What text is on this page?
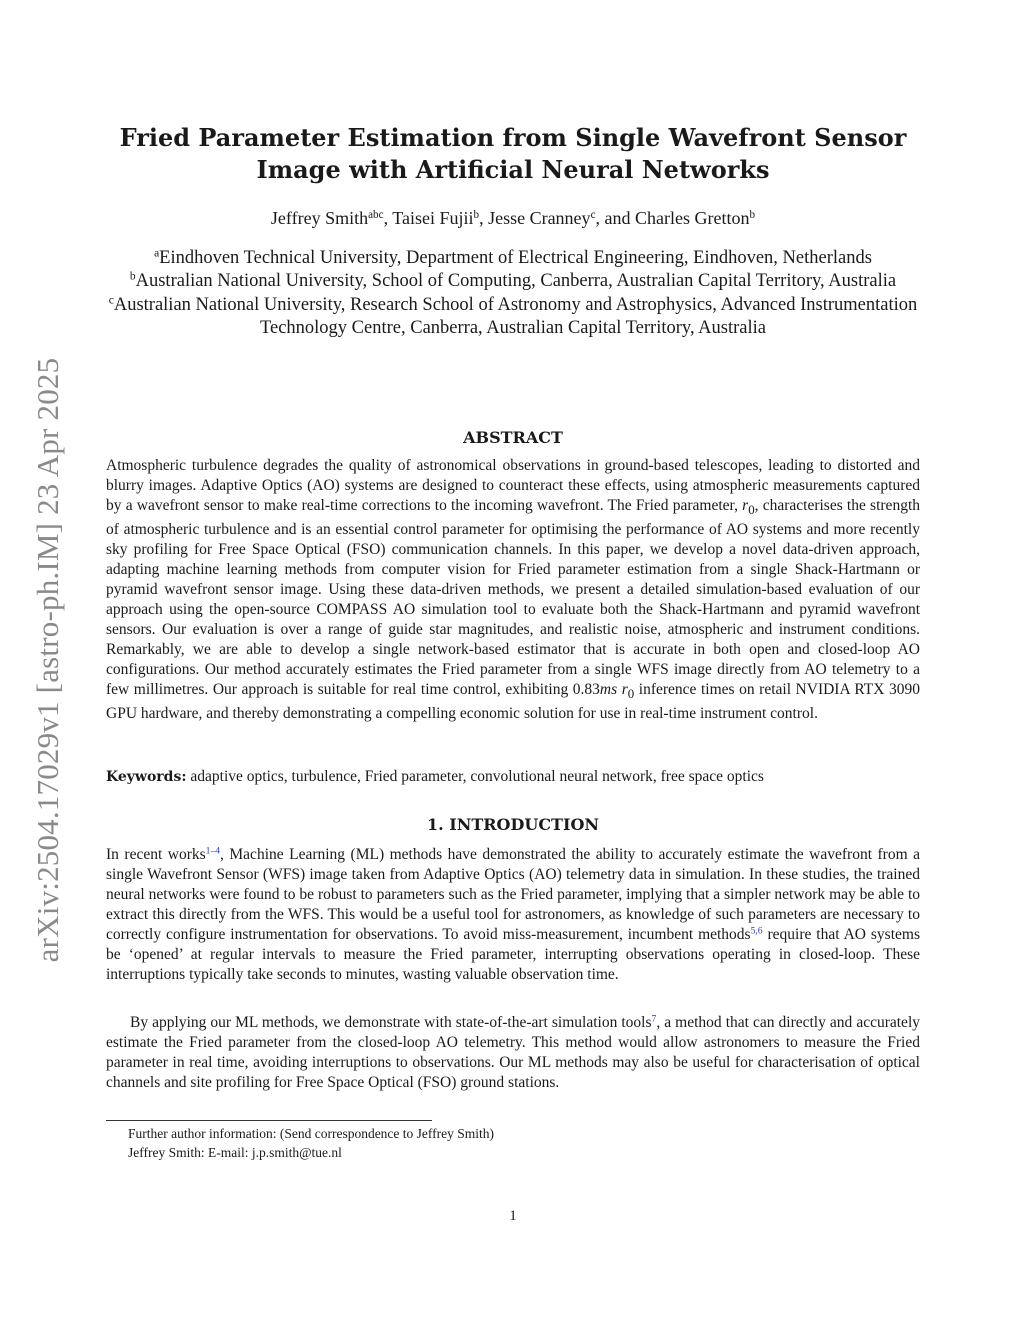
arXiv:2504.17029v1 [astro-ph.IM] 23 Apr 2025
Fried Parameter Estimation from Single Wavefront Sensor
Image with Artificial Neural Networks
Jeffrey Smith$^{abc}$, Taisei Fujii$^b$, Jesse Cranney$^c$, and Charles Gretton$^b$
$^a$Eindhoven Technical University, Department of Electrical Engineering, Eindhoven, Netherlands
$^b$Australian National University, School of Computing, Canberra, Australian Capital Territory, Australia
$^c$Australian National University, Research School of Astronomy and Astrophysics, Advanced Instrumentation Technology Centre, Canberra, Australian Capital Territory, Australia
ABSTRACT
Atmospheric turbulence degrades the quality of astronomical observations in ground-based telescopes, leading to distorted and blurry images. Adaptive Optics (AO) systems are designed to counteract these effects, using atmospheric measurements captured by a wavefront sensor to make real-time corrections to the incoming wavefront. The Fried parameter, $r_0$, characterises the strength of atmospheric turbulence and is an essential control parameter for optimising the performance of AO systems and more recently sky profiling for Free Space Optical (FSO) communication channels. In this paper, we develop a novel data-driven approach, adapting machine learning methods from computer vision for Fried parameter estimation from a single Shack-Hartmann or pyramid wavefront sensor image. Using these data-driven methods, we present a detailed simulation-based evaluation of our approach using the open-source COMPASS AO simulation tool to evaluate both the Shack-Hartmann and pyramid wavefront sensors. Our evaluation is over a range of guide star magnitudes, and realistic noise, atmospheric and instrument conditions. Remarkably, we are able to develop a single network-based estimator that is accurate in both open and closed-loop AO configurations. Our method accurately estimates the Fried parameter from a single WFS image directly from AO telemetry to a few millimetres. Our approach is suitable for real time control, exhibiting 0.83ms $r_0$ inference times on retail NVIDIA RTX 3090 GPU hardware, and thereby demonstrating a compelling economic solution for use in real-time instrument control.
Keywords: adaptive optics, turbulence, Fried parameter, convolutional neural network, free space optics
1. INTRODUCTION
In recent works$^{1-4}$, Machine Learning (ML) methods have demonstrated the ability to accurately estimate the wavefront from a single Wavefront Sensor (WFS) image taken from Adaptive Optics (AO) telemetry data in simulation. In these studies, the trained neural networks were found to be robust to parameters such as the Fried parameter, implying that a simpler network may be able to extract this directly from the WFS. This would be a useful tool for astronomers, as knowledge of such parameters are necessary to correctly configure instrumentation for observations. To avoid miss-measurement, incumbent methods$^{5,6}$ require that AO systems be ‘opened’ at regular intervals to measure the Fried parameter, interrupting observations operating in closed-loop. These interruptions typically take seconds to minutes, wasting valuable observation time.
By applying our ML methods, we demonstrate with state-of-the-art simulation tools$^7$, a method that can directly and accurately estimate the Fried parameter from the closed-loop AO telemetry. This method would allow astronomers to measure the Fried parameter in real time, avoiding interruptions to observations. Our ML methods may also be useful for characterisation of optical channels and site profiling for Free Space Optical (FSO) ground stations.
Further author information: (Send correspondence to Jeffrey Smith)
Jeffrey Smith: E-mail: j.p.smith@tue.nl
1
